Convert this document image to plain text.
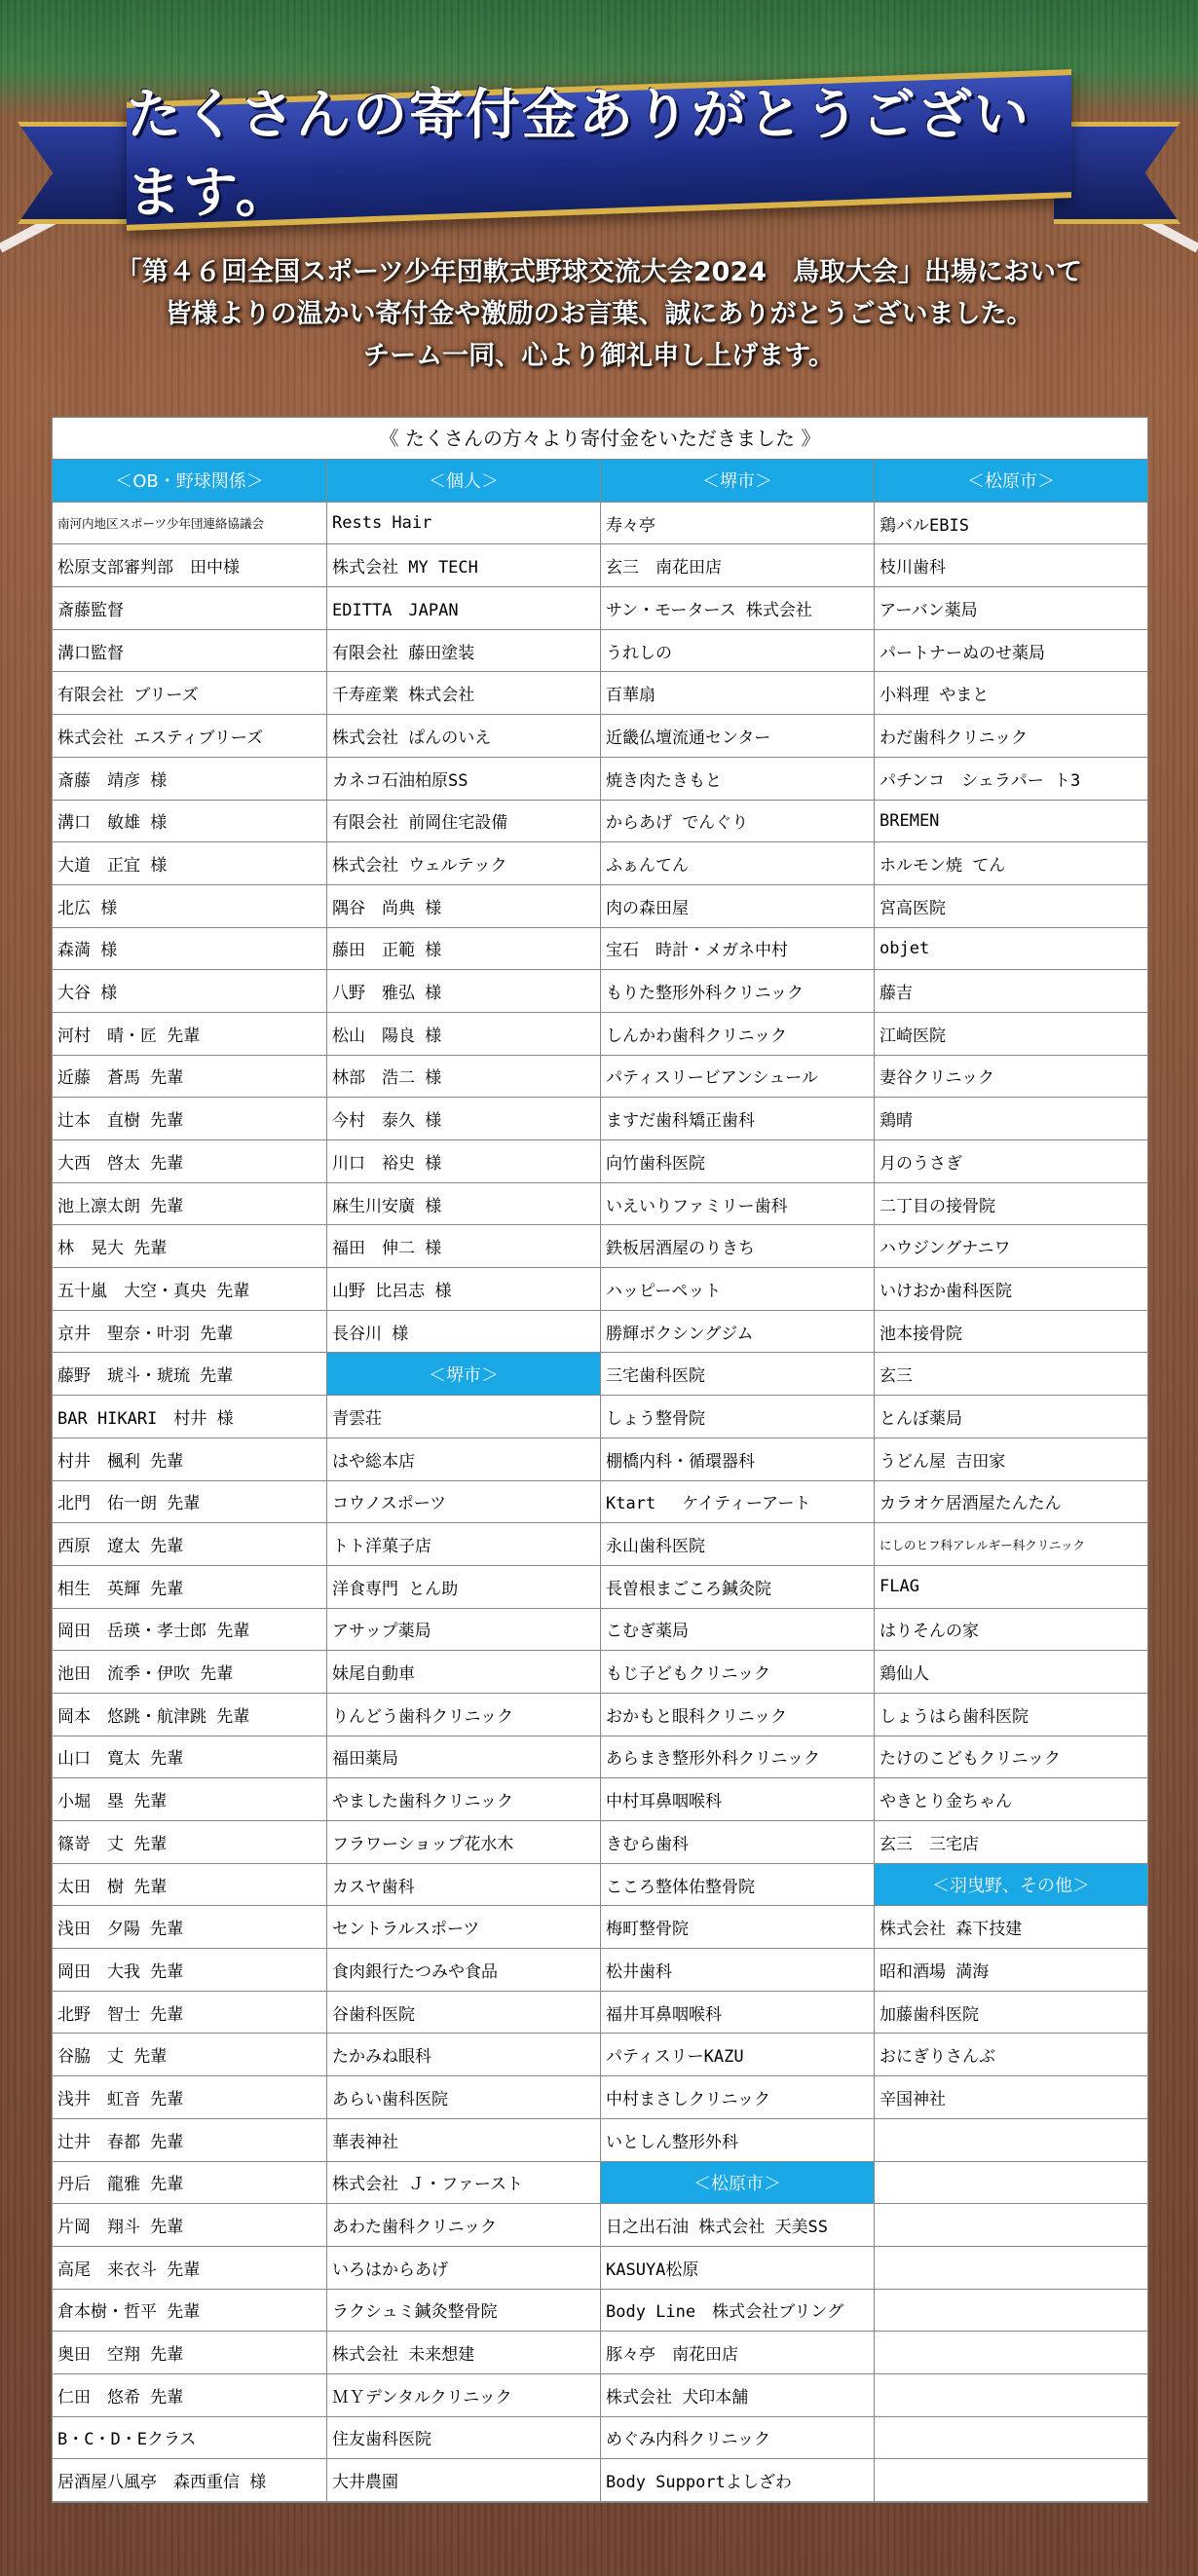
たくさんの寄付金ありがとうございます。
「第４６回全国スポーツ少年団軟式野球交流大会2024　鳥取大会」出場において
皆様よりの温かい寄付金や激励のお言葉、誠にありがとうございました。
チーム一同、心より御礼申し上げます。
《 たくさんの方々より寄付金をいただきました 》
＜OB・野球関係＞
南河内地区スポーツ少年団連絡協議会
松原支部審判部　田中様
斎藤監督
溝口監督
有限会社 ブリーズ
株式会社 エスティブリーズ
斎藤　靖彦 様
溝口　敏雄 様
大道　正宜 様
北広 様
森満 様
大谷 様
河村　晴・匠 先輩
近藤　蒼馬 先輩
辻本　直樹 先輩
大西　啓太 先輩
池上凛太朗 先輩
林　晃大 先輩
五十嵐　大空・真央 先輩
京井　聖奈・叶羽 先輩
藤野　琥斗・琥琉 先輩
BAR HIKARI　村井 様
村井　楓利 先輩
北門　佑一朗 先輩
西原　遼太 先輩
相生　英輝 先輩
岡田　岳瑛・孝士郎 先輩
池田　流季・伊吹 先輩
岡本　悠跳・航津跳 先輩
山口　寛太 先輩
小堀　塁 先輩
篠嵜　丈 先輩
太田　樹 先輩
浅田　夕陽 先輩
岡田　大我 先輩
北野　智士 先輩
谷脇　丈 先輩
浅井　虹音 先輩
辻井　春都 先輩
丹后　龍雅 先輩
片岡　翔斗 先輩
高尾　来衣斗 先輩
倉本樹・哲平 先輩
奥田　空翔 先輩
仁田　悠希 先輩
B・C・D・Eクラス
居酒屋八風亭　森西重信 様
＜個人＞
Rests Hair
株式会社 MY TECH
EDITTA　JAPAN
有限会社 藤田塗装
千寿産業 株式会社
株式会社 ぱんのいえ
カネコ石油柏原SS
有限会社 前岡住宅設備
株式会社 ウェルテック
隅谷　尚典 様
藤田　正範 様
八野　雅弘 様
松山　陽良 様
林部　浩二 様
今村　泰久 様
川口　裕史 様
麻生川安廣 様
福田　伸二 様
山野 比呂志 様
長谷川 様
＜堺市＞
青雲荘
はや総本店
コウノスポーツ
トト洋菓子店
洋食専門 とん助
アサップ薬局
妹尾自動車
りんどう歯科クリニック
福田薬局
やました歯科クリニック
フラワーショップ花水木
カスヤ歯科
セントラルスポーツ
食肉銀行たつみや食品
谷歯科医院
たかみね眼科
あらい歯科医院
華表神社
株式会社 Ｊ・ファースト
あわた歯科クリニック
いろはからあげ
ラクシュミ鍼灸整骨院
株式会社 未来想建
ＭＹデンタルクリニック
住友歯科医院
大井農園
＜堺市＞
寿々亭
玄三　南花田店
サン・モータース 株式会社
うれしの
百華扇
近畿仏壇流通センター
焼き肉たきもと
からあげ でんぐり
ふぁんてん
肉の森田屋
宝石　時計・メガネ中村
もりた整形外科クリニック
しんかわ歯科クリニック
パティスリービアンシュール
ますだ歯科矯正歯科
向竹歯科医院
いえいりファミリー歯科
鉄板居酒屋のりきち
ハッピーペット
勝輝ボクシングジム
三宅歯科医院
しょう整骨院
棚橋内科・循環器科
Ktart　 ケイティーアート
永山歯科医院
長曽根まごころ鍼灸院
こむぎ薬局
もじ子どもクリニック
おかもと眼科クリニック
あらまき整形外科クリニック
中村耳鼻咽喉科
きむら歯科
こころ整体佑整骨院
梅町整骨院
松井歯科
福井耳鼻咽喉科
パティスリーKAZU
中村まさしクリニック
いとしん整形外科
＜松原市＞
日之出石油 株式会社 天美SS
KASUYA松原
Body Line　株式会社ブリング
豚々亭　南花田店
株式会社 犬印本舗
めぐみ内科クリニック
Body Supportよしざわ
＜松原市＞
鶏バルEBIS
枝川歯科
アーバン薬局
パートナーぬのせ薬局
小料理 やまと
わだ歯科クリニック
パチンコ　シェラパー ト3
BREMEN
ホルモン焼 てん
宮高医院
objet
藤吉
江崎医院
妻谷クリニック
鶏晴
月のうさぎ
二丁目の接骨院
ハウジングナニワ
いけおか歯科医院
池本接骨院
玄三
とんぼ薬局
うどん屋 吉田家
カラオケ居酒屋たんたん
にしのヒフ科アレルギー科クリニック
FLAG
はりそんの家
鶏仙人
しょうはら歯科医院
たけのこどもクリニック
やきとり金ちゃん
玄三　三宅店
＜羽曳野、その他＞
株式会社 森下技建
昭和酒場 満海
加藤歯科医院
おにぎりさんぶ
辛国神社
